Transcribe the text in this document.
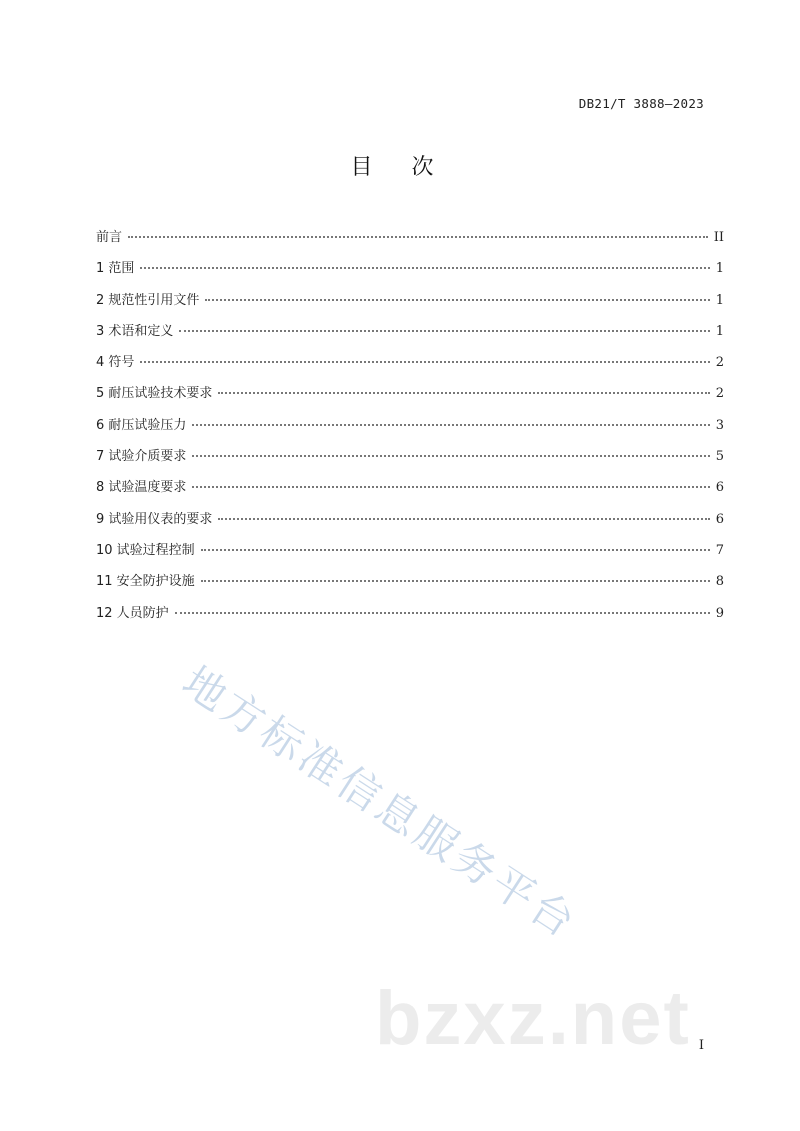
DB21/T 3888—2023
目 次
前言	II
1 范围	1
2 规范性引用文件	1
3 术语和定义	1
4 符号	2
5 耐压试验技术要求	2
6 耐压试验压力	3
7 试验介质要求	5
8 试验温度要求	6
9 试验用仪表的要求	6
10 试验过程控制	7
11 安全防护设施	8
12 人员防护	9
地方标准信息服务平台
bzxz.net I
